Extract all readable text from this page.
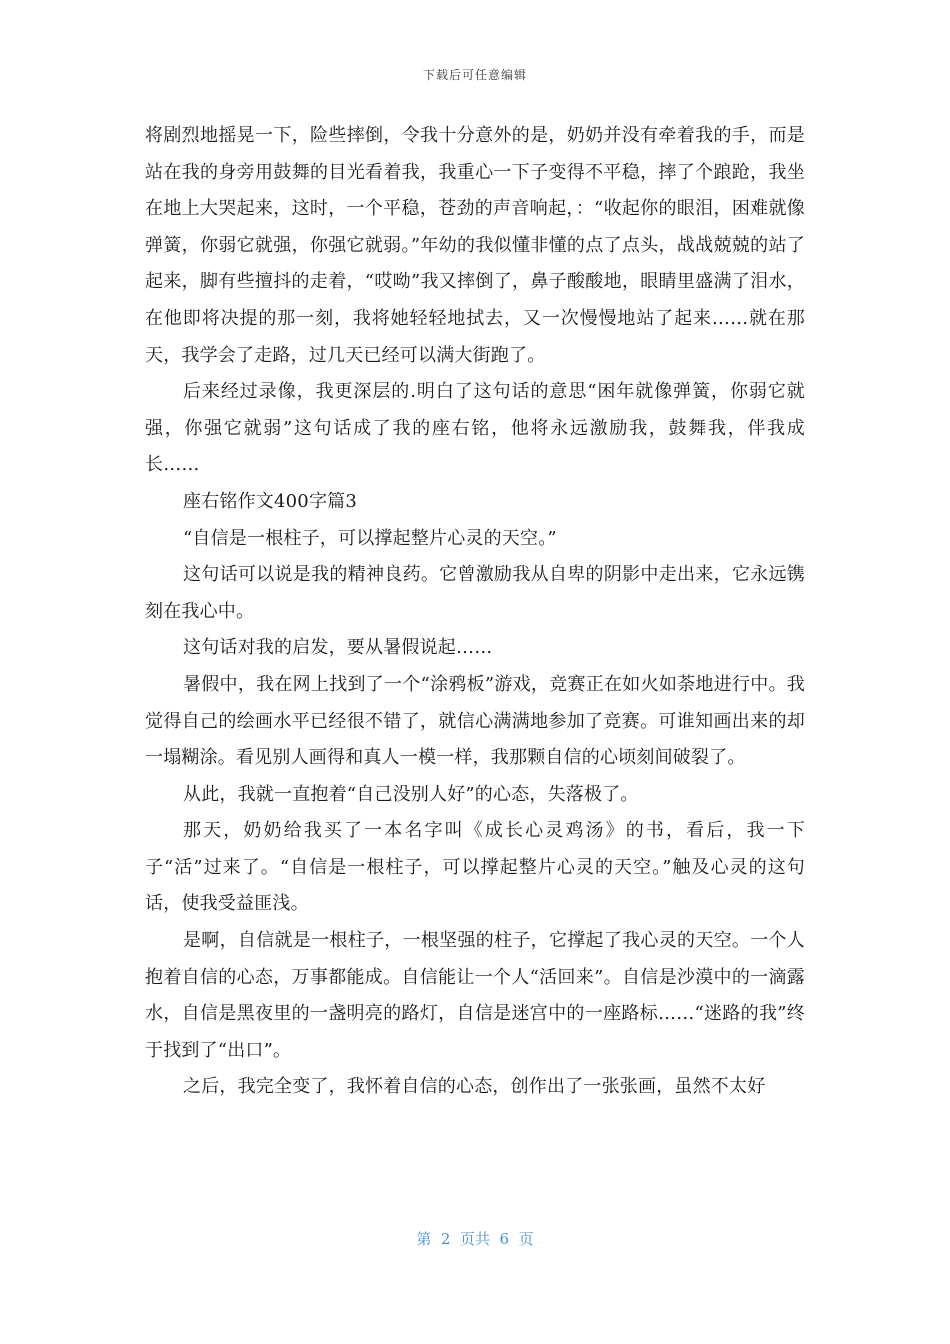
下载后可任意编辑

将剧烈地摇晃一下，险些摔倒，令我十分意外的是，奶奶并没有牵着我的手，而是站在我的身旁用鼓舞的目光看着我，我重心一下子变得不平稳，摔了个踉跄，我坐在地上大哭起来，这时，一个平稳，苍劲的声音响起，：“收起你的眼泪，困难就像弹簧，你弱它就强，你强它就弱。”年幼的我似懂非懂的点了点头，战战兢兢的站了起来，脚有些擅抖的走着，“哎呦”我又摔倒了，鼻子酸酸地，眼睛里盛满了泪水，在他即将决提的那一刻，我将她轻轻地拭去，又一次慢慢地站了起来……就在那天，我学会了走路，过几天已经可以满大街跑了。

后来经过录像，我更深层的.明白了这句话的意思“困年就像弹簧，你弱它就强，你强它就弱”这句话成了我的座右铭，他将永远激励我，鼓舞我，伴我成长……

座右铭作文400字篇3

“自信是一根柱子，可以撑起整片心灵的天空。”

这句话可以说是我的精神良药。它曾激励我从自卑的阴影中走出来，它永远镌刻在我心中。

这句话对我的启发，要从暑假说起……

暑假中，我在网上找到了一个“涂鸦板”游戏，竞赛正在如火如荼地进行中。我觉得自己的绘画水平已经很不错了，就信心满满地参加了竞赛。可谁知画出来的却一塌糊涂。看见别人画得和真人一模一样，我那颗自信的心顷刻间破裂了。

从此，我就一直抱着“自己没别人好”的心态，失落极了。

那天，奶奶给我买了一本名字叫《成长心灵鸡汤》的书，看后，我一下子“活”过来了。“自信是一根柱子，可以撑起整片心灵的天空。”触及心灵的这句话，使我受益匪浅。

是啊，自信就是一根柱子，一根坚强的柱子，它撑起了我心灵的天空。一个人抱着自信的心态，万事都能成。自信能让一个人“活回来”。自信是沙漠中的一滴露水，自信是黑夜里的一盏明亮的路灯，自信是迷宫中的一座路标……“迷路的我”终于找到了“出口”。

之后，我完全变了，我怀着自信的心态，创作出了一张张画，虽然不太好

第  2  页共  6  页
